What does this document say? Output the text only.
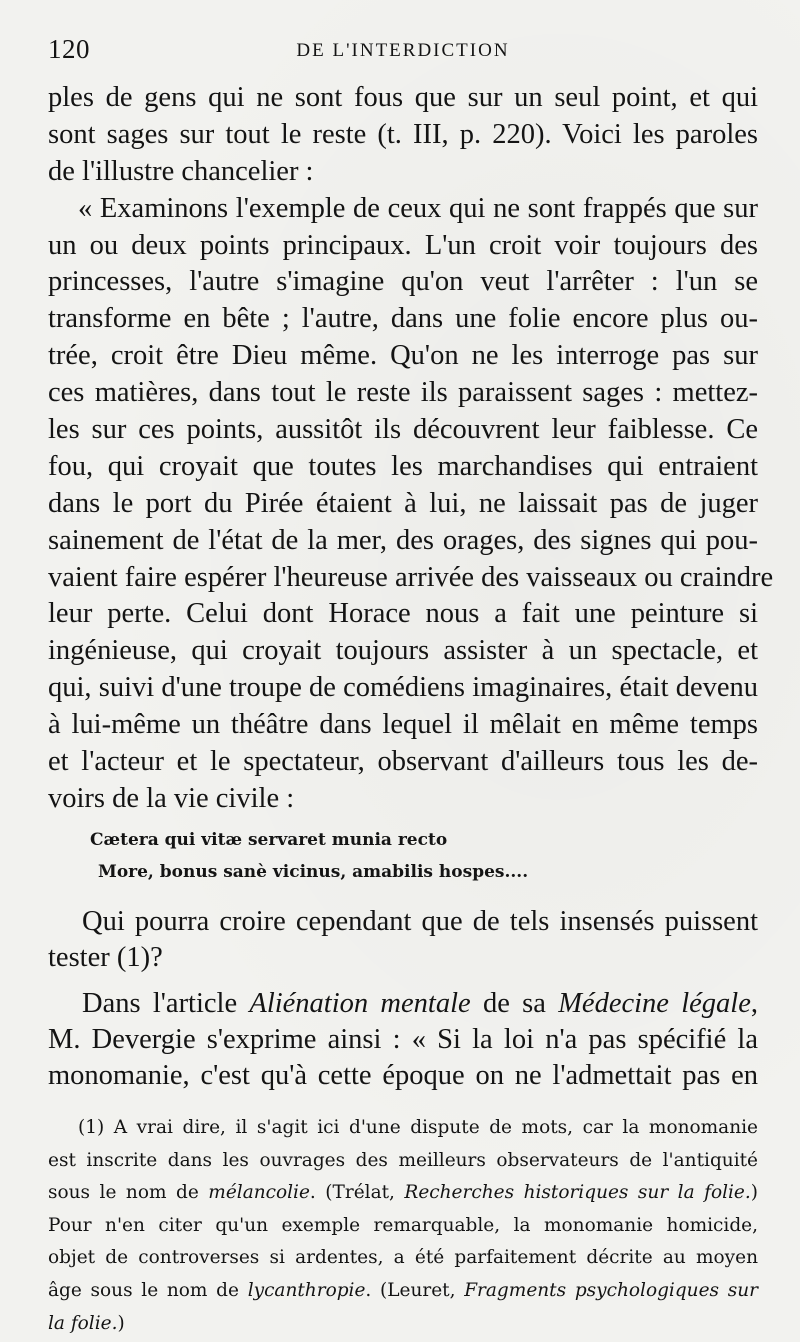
120	DE L'INTERDICTION
ples de gens qui ne sont fous que sur un seul point, et qui
sont sages sur tout le reste (t. III, p. 220). Voici les paroles
de l'illustre chancelier :
« Examinons l'exemple de ceux qui ne sont frappés que sur
un ou deux points principaux. L'un croit voir toujours des
princesses, l'autre s'imagine qu'on veut l'arrêter : l'un se
transforme en bête ; l'autre, dans une folie encore plus ou-
trée, croit être Dieu même. Qu'on ne les interroge pas sur
ces matières, dans tout le reste ils paraissent sages : mettez-
les sur ces points, aussitôt ils découvrent leur faiblesse. Ce
fou, qui croyait que toutes les marchandises qui entraient
dans le port du Pirée étaient à lui, ne laissait pas de juger
sainement de l'état de la mer, des orages, des signes qui pou-
vaient faire espérer l'heureuse arrivée des vaisseaux ou craindre
leur perte. Celui dont Horace nous a fait une peinture si
ingénieuse, qui croyait toujours assister à un spectacle, et
qui, suivi d'une troupe de comédiens imaginaires, était devenu
à lui-même un théâtre dans lequel il mêlait en même temps
et l'acteur et le spectateur, observant d'ailleurs tous les de-
voirs de la vie civile :
Cætera qui vitæ servaret munia recto
More, bonus sanè vicinus, amabilis hospes....
Qui pourra croire cependant que de tels insensés puissent
tester (1)?
Dans l'article Aliénation mentale de sa Médecine légale,
M. Devergie s'exprime ainsi : « Si la loi n'a pas spécifié la
monomanie, c'est qu'à cette époque on ne l'admettait pas en
(1) A vrai dire, il s'agit ici d'une dispute de mots, car la monomanie
est inscrite dans les ouvrages des meilleurs observateurs de l'antiquité
sous le nom de mélancolie. (Trélat, Recherches historiques sur la folie.)
Pour n'en citer qu'un exemple remarquable, la monomanie homicide,
objet de controverses si ardentes, a été parfaitement décrite au moyen
âge sous le nom de lycanthropie. (Leuret, Fragments psychologiques sur
la folie.)
